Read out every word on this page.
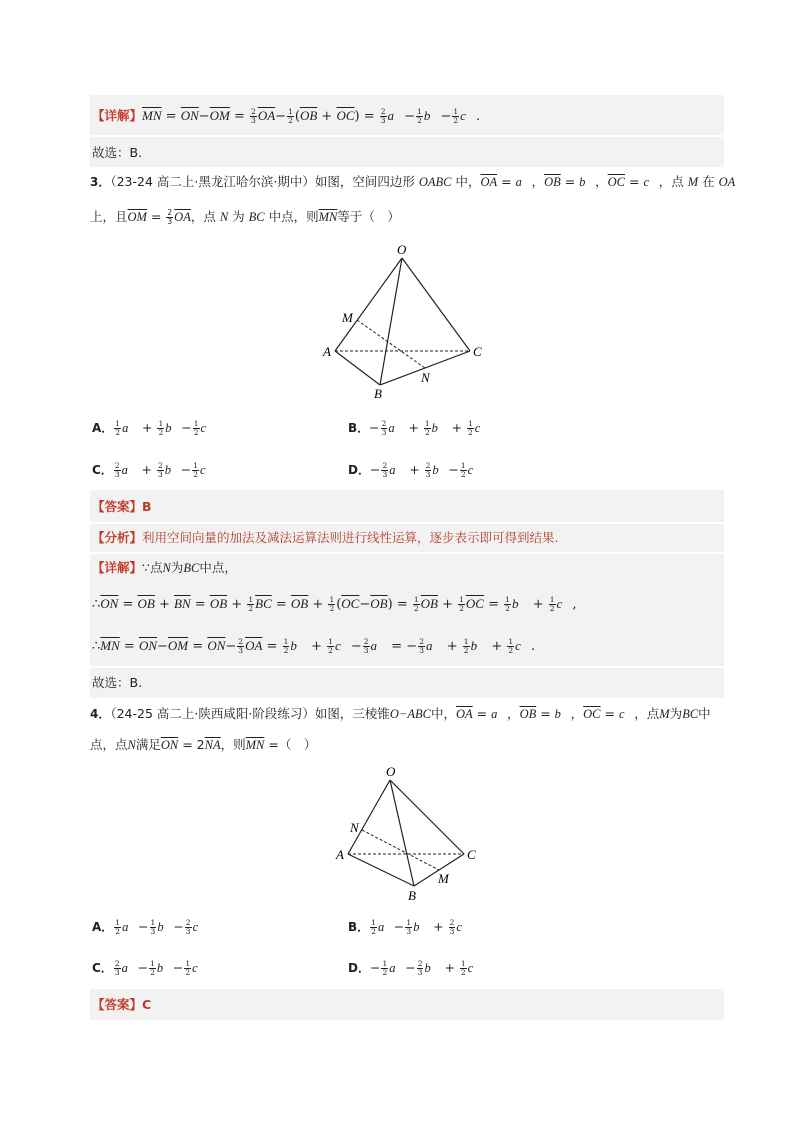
【详解】$\overline{MN} = \overline{ON}-\overline{OM} = \frac{2}{3} \overline{OA}- \frac{1}{2} (\overline{OB} + \overline{OC}) = \frac{2}{3}$ a⃗− $\frac{1}{2}$ b⃗− $\frac{1}{2}$ c⃗.
故选：B.
3．（23-24 高二上·黑龙江哈尔滨·期中）如图，空间四边形 OABC 中，$\overline{OA}$ = a⃗，$\overline{OB}$ = b⃗，$\overline{OC}$ = c⃗，点 M 在 OA
上，且$\overline{OM} = \frac{2}{3} \overline{OA}$，点 N 为 BC 中点，则$\overline{MN}$等于（　）
O
M
A	C
N
B
A． $\frac{1}{2}$ a⃗ + $\frac{1}{2}$ b⃗− $\frac{1}{2}$ c⃗	B．− $\frac{2}{3}$ a⃗ + $\frac{1}{2}$ b⃗ + $\frac{1}{2}$ c⃗
C． $\frac{2}{3}$ a⃗ + $\frac{2}{3}$ b⃗− $\frac{1}{2}$ c⃗	D．− $\frac{2}{3}$ a⃗ + $\frac{2}{3}$ b⃗− $\frac{1}{2}$ c⃗
【答案】B
【分析】利用空间向量的加法及减法运算法则进行线性运算，逐步表示即可得到结果.
【详解】∵点N为BC中点，
$\therefore\overline{ON} = \overline{OB} + \overline{BN} = \overline{OB} + \frac{1}{2} \overline{BC} = \overline{OB} + \frac{1}{2} (\overline{OC}-\overline{OB}) = \frac{1}{2} \overline{OB} + \frac{1}{2} \overline{OC} = \frac{1}{2}$ b⃗ + $\frac{1}{2}$ c⃗,
$\therefore\overline{MN} = \overline{ON}-\overline{OM} = \overline{ON}- \frac{2}{3} \overline{OA} = \frac{1}{2}$ b⃗ + $\frac{1}{2}$ c⃗− $\frac{2}{3}$ a⃗ = − $\frac{2}{3}$ a⃗ + $\frac{1}{2}$ b⃗ + $\frac{1}{2}$ c⃗.
故选：B.
4．（24-25 高二上·陕西咸阳·阶段练习）如图，三棱锥O−ABC中，$\overline{OA}$ = a⃗，$\overline{OB}$ = b⃗，$\overline{OC}$ = c⃗，点M为BC中
点，点N满足$\overline{ON} = 2\overline{NA}$，则$\overline{MN}$ =（　）
O
N
A	C
M
B
A． $\frac{1}{2}$ a⃗− $\frac{1}{3}$ b⃗− $\frac{2}{3}$ c⃗	B． $\frac{1}{2}$ a⃗− $\frac{1}{3}$ b⃗ + $\frac{2}{3}$ c⃗
C． $\frac{2}{3}$ a⃗− $\frac{1}{2}$ b⃗− $\frac{1}{2}$ c⃗	D．− $\frac{1}{2}$ a⃗− $\frac{2}{3}$ b⃗ + $\frac{1}{2}$ c⃗
【答案】C
